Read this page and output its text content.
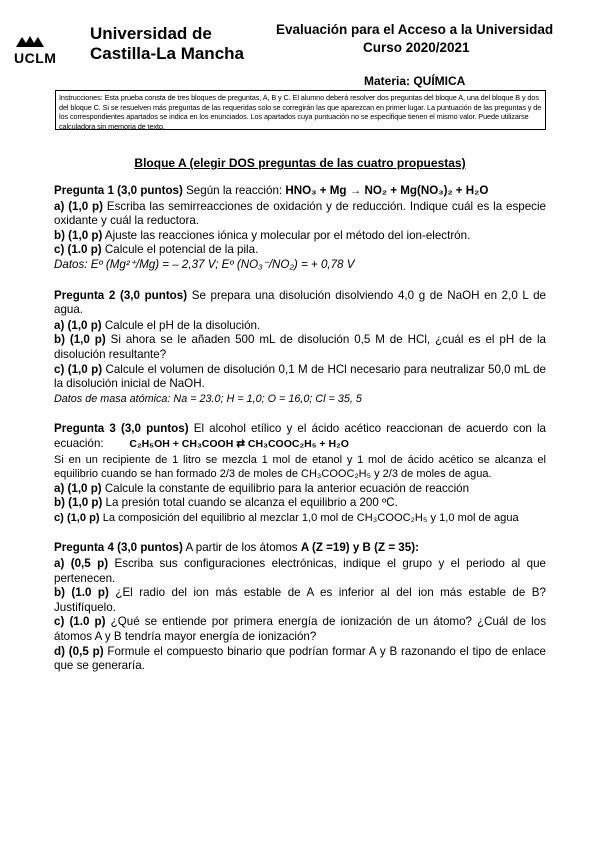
UCLM
Universidad de
Castilla-La Mancha
Evaluación para el Acceso a la Universidad
Curso 2020/2021
Materia: QUÍMICA
Instrucciones: Esta prueba consta de tres bloques de preguntas, A, B y C. El alumno deberá resolver dos preguntas del bloque A, una del bloque B y dos del bloque C. Si se resuelven más preguntas de las requeridas solo se corregirán las que aparezcan en primer lugar. La puntuación de las preguntas y de los correspondientes apartados se indica en los enunciados. Los apartados cuya puntuación no se especifique tienen el mismo valor. Puede utilizarse calculadora sin memoria de texto.
Bloque A (elegir DOS preguntas de las cuatro propuestas)

Pregunta 1 (3,0 puntos) Según la reacción: HNO₃ + Mg → NO₂ + Mg(NO₃)₂ + H₂O

a) (1,0 p) Escriba las semirreacciones de oxidación y de reducción. Indique cuál es la especie oxidante y cuál la reductora.

b) (1,0 p) Ajuste las reacciones iónica y molecular por el método del ion-electrón.

c) (1.0 p) Calcule el potencial de la pila.

Datos: Eº (Mg²⁺/Mg) = – 2,37 V; Eº (NO₃⁻/NO₂) = + 0,78 V

Pregunta 2 (3,0 puntos) Se prepara una disolución disolviendo 4,0 g de NaOH en 2,0 L de agua.

a) (1,0 p) Calcule el pH de la disolución.

b) (1,0 p) Si ahora se le añaden 500 mL de disolución 0,5 M de HCl, ¿cuál es el pH de la disolución resultante?

c) (1,0 p) Calcule el volumen de disolución 0,1 M de HCl necesario para neutralizar 50,0 mL de la disolución inicial de NaOH.

Datos de masa atómica: Na = 23.0; H = 1,0; O = 16,0; Cl = 35, 5

Pregunta 3 (3,0 puntos) El alcohol etílico y el ácido acético reaccionan de acuerdo con la ecuación: C₂H₅OH + CH₃COOH ⇄ CH₃COOC₂H₅ + H₂O

Si en un recipiente de 1 litro se mezcla 1 mol de etanol y 1 mol de ácido acético se alcanza el equilibrio cuando se han formado 2/3 de moles de CH₃COOC₂H₅ y 2/3 de moles de agua.

a) (1,0 p) Calcule la constante de equilibrio para la anterior ecuación de reacción

b) (1,0 p) La presión total cuando se alcanza el equilibrio a 200 ºC.

c) (1,0 p) La composición del equilibrio al mezclar 1,0 mol de CH₃COOC₂H₅ y 1,0 mol de agua

Pregunta 4 (3,0 puntos) A partir de los átomos A (Z =19) y B (Z = 35):

a) (0,5 p) Escriba sus configuraciones electrónicas, indique el grupo y el periodo al que pertenecen.

b) (1.0 p) ¿El radio del ion más estable de A es inferior al del ion más estable de B? Justifíquelo.

c) (1.0 p) ¿Qué se entiende por primera energía de ionización de un átomo? ¿Cuál de los átomos A y B tendría mayor energía de ionización?

d) (0,5 p) Formule el compuesto binario que podrían formar A y B razonando el tipo de enlace que se generaría.
